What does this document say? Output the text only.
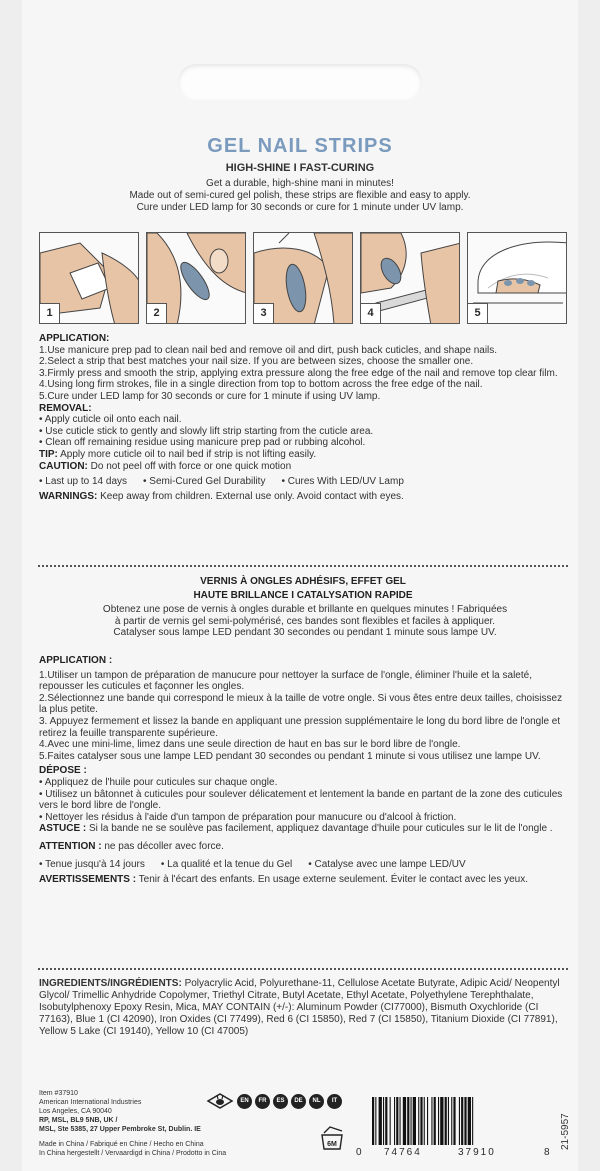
GEL NAIL STRIPS
HIGH-SHINE I FAST-CURING
Get a durable, high-shine mani in minutes!
Made out of semi-cured gel polish, these strips are flexible and easy to apply.
Cure under LED lamp for 30 seconds or cure for 1 minute under UV lamp.
1	2	3	4	5
APPLICATION:
1.Use manicure prep pad to clean nail bed and remove oil and dirt, push back cuticles, and shape nails.
2.Select a strip that best matches your nail size. If you are between sizes, choose the smaller one.
3.Firmly press and smooth the strip, applying extra pressure along the free edge of the nail and remove top clear film.
4.Using long firm strokes, file in a single direction from top to bottom across the free edge of the nail.
5.Cure under LED lamp for 30 seconds or cure for 1 minute if using UV lamp.
REMOVAL:
• Apply cuticle oil onto each nail.
• Use cuticle stick to gently and slowly lift strip starting from the cuticle area.
• Clean off remaining residue using manicure prep pad or rubbing alcohol.
TIP: Apply more cuticle oil to nail bed if strip is not lifting easily.
CAUTION: Do not peel off with force or one quick motion
• Last up to 14 days • Semi-Cured Gel Durability • Cures With LED/UV Lamp
WARNINGS: Keep away from children. External use only. Avoid contact with eyes.
VERNIS À ONGLES ADHÉSIFS, EFFET GEL
HAUTE BRILLANCE I CATALYSATION RAPIDE
Obtenez une pose de vernis à ongles durable et brillante en quelques minutes ! Fabriquées
à partir de vernis gel semi-polymérisé, ces bandes sont flexibles et faciles à appliquer.
Catalyser sous lampe LED pendant 30 secondes ou pendant 1 minute sous lampe UV.
APPLICATION :
1.Utiliser un tampon de préparation de manucure pour nettoyer la surface de l'ongle, éliminer l'huile et la saleté, repousser les cuticules et façonner les ongles.
2.Sélectionnez une bande qui correspond le mieux à la taille de votre ongle. Si vous êtes entre deux tailles, choisissez la plus petite.
3. Appuyez fermement et lissez la bande en appliquant une pression supplémentaire le long du bord libre de l'ongle et retirez la feuille transparente supérieure.
4.Avec une mini-lime, limez dans une seule direction de haut en bas sur le bord libre de l'ongle.
5.Faites catalyser sous une lampe LED pendant 30 secondes ou pendant 1 minute si vous utilisez une lampe UV.
DÉPOSE :
• Appliquez de l'huile pour cuticules sur chaque ongle.
• Utilisez un bâtonnet à cuticules pour soulever délicatement et lentement la bande en partant de la zone des cuticules vers le bord libre de l'ongle.
• Nettoyer les résidus à l'aide d'un tampon de préparation pour manucure ou d'alcool à friction.
ASTUCE : Si la bande ne se soulève pas facilement, appliquez davantage d'huile pour cuticules sur le lit de l'ongle .
ATTENTION : ne pas décoller avec force.
• Tenue jusqu'à 14 jours • La qualité et la tenue du Gel • Catalyse avec une lampe LED/UV
AVERTISSEMENTS : Tenir à l'écart des enfants. En usage externe seulement. Éviter le contact avec les yeux.
INGREDIENTS/INGRÉDIENTS: Polyacrylic Acid, Polyurethane-11, Cellulose Acetate Butyrate, Adipic Acid/ Neopentyl Glycol/ Trimellic Anhydride Copolymer, Triethyl Citrate, Butyl Acetate, Ethyl Acetate, Polyethylene Terephthalate, Isobutylphenoxy Epoxy Resin, Mica, MAY CONTAIN (+/-): Aluminum Powder (CI77000), Bismuth Oxychloride (CI 77163), Blue 1 (CI 42090), Iron Oxides (CI 77499), Red 6 (CI 15850), Red 7 (CI 15850), Titanium Dioxide (CI 77891), Yellow 5 Lake (CI 19140), Yellow 10 (CI 47005)
Item #37910
American International Industries
Los Angeles, CA 90040
RP, MSL, BL9 5NB, UK /
MSL, Ste 5385, 27 Upper Pembroke St, Dublin. IE
Made in China / Fabriqué en Chine / Hecho en China
In China hergestellt / Vervaardigd in China / Prodotto in Cina
EN	FR	ES	DE	NL	IT
6M
0 74764	37910	8
21-5957
